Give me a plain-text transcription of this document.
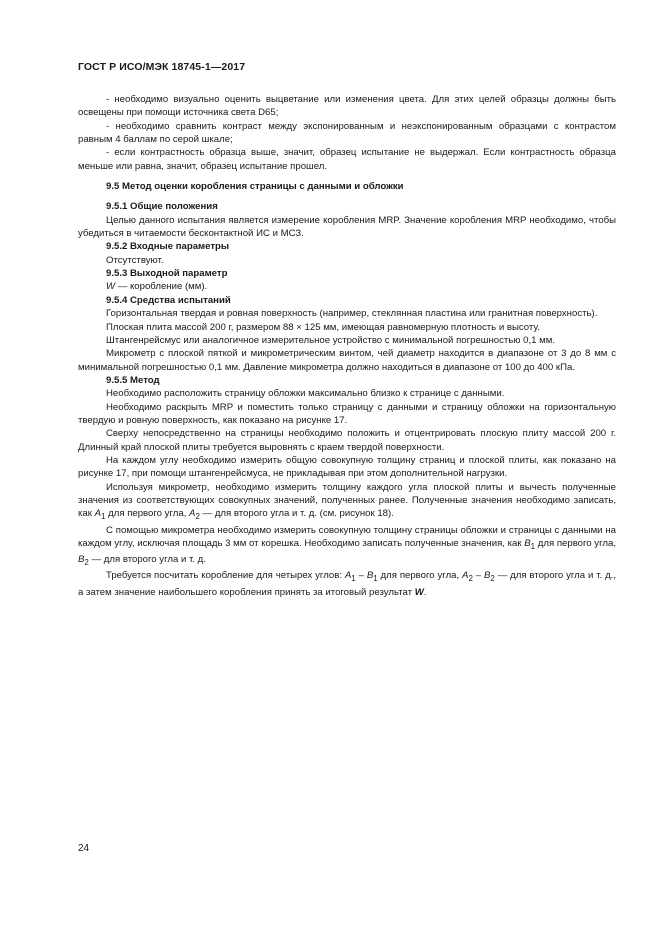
ГОСТ Р ИСО/МЭК 18745-1—2017

- необходимо визуально оценить выцветание или изменения цвета. Для этих целей образцы должны быть освещены при помощи источника света D65;

- необходимо сравнить контраст между экспонированным и неэкспонированным образцами с контрастом равным 4 баллам по серой шкале;

- если контрастность образца выше, значит, образец испытание не выдержал. Если контрастность образца меньше или равна, значит, образец испытание прошел.

9.5 Метод оценки коробления страницы с данными и обложки

9.5.1 Общие положения

Целью данного испытания является измерение коробления MRP. Значение коробления MRP необходимо, чтобы убедиться в читаемости бесконтактной ИС и МСЗ.

9.5.2 Входные параметры

Отсутствуют.

9.5.3 Выходной параметр

W — коробление (мм).

9.5.4 Средства испытаний

Горизонтальная твердая и ровная поверхность (например, стеклянная пластина или гранитная поверхность).

Плоская плита массой 200 г, размером 88 × 125 мм, имеющая равномерную плотность и высоту.

Штангенрейсмус или аналогичное измерительное устройство с минимальной погрешностью 0,1 мм.

Микрометр с плоской пяткой и микрометрическим винтом, чей диаметр находится в диапазоне от 3 до 8 мм с минимальной погрешностью 0,1 мм. Давление микрометра должно находиться в диапазоне от 100 до 400 кПа.

9.5.5 Метод

Необходимо расположить страницу обложки максимально близко к странице с данными.

Необходимо раскрыть MRP и поместить только страницу с данными и страницу обложки на горизонтальную твердую и ровную поверхность, как показано на рисунке 17.

Сверху непосредственно на страницы необходимо положить и отцентрировать плоскую плиту массой 200 г. Длинный край плоской плиты требуется выровнять с краем твердой поверхности.

На каждом углу необходимо измерить общую совокупную толщину страниц и плоской плиты, как показано на рисунке 17, при помощи штангенрейсмуса, не прикладывая при этом дополнительной нагрузки.

Используя микрометр, необходимо измерить толщину каждого угла плоской плиты и вычесть полученные значения из соответствующих совокупных значений, полученных ранее. Полученные значения необходимо записать, как $A_1$ для первого угла, $A_2$ — для второго угла и т. д. (см. рисунок 18).

С помощью микрометра необходимо измерить совокупную толщину страницы обложки и страницы с данными на каждом углу, исключая площадь 3 мм от корешка. Необходимо записать полученные значения, как $B_1$ для первого угла, $B_2$ — для второго угла и т. д.

Требуется посчитать коробление для четырех углов: $A_1 - B_1$ для первого угла, $A_2 - B_2$ — для второго угла и т. д., а затем значение наибольшего коробления принять за итоговый результат W.

24
